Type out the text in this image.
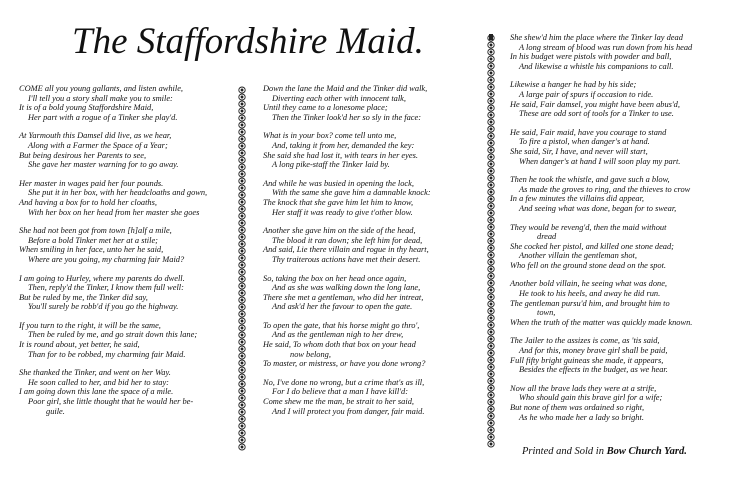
The Staffordshire Maid.
COME all you young gallants, and listen awhile,
I'll tell you a story shall make you to smile:
It is of a bold young Staffordshire Maid,
Her part with a rogue of a Tinker she play'd.
At Yarmouth this Damsel did live, as we hear,
Along with a Farmer the Space of a Year;
But being desirous her Parents to see,
She gave her master warning for to go away.
Her master in wages paid her four pounds.
She put it in her box, with her headcloaths and gown,
And having a box for to hold her cloaths,
With her box on her head from her master she goes
She had not been got from town [h]alf a mile,
Before a bold Tinker met her at a stile;
When smiling in her face, unto her he said,
Where are you going, my charming fair Maid?
I am going to Hurley, where my parents do dwell.
Then, reply'd the Tinker, I know them full well:
But be ruled by me, the Tinker did say,
You'll surely be robb'd if you go the highway.
If you turn to the right, it will be the same,
Then be ruled by me, and go strait down this lane;
It is round about, yet better, he said,
Than for to be robbed, my charming fair Maid.
She thanked the Tinker, and went on her Way.
He soon called to her, and bid her to stay:
I am going down this lane the space of a mile.
Poor girl, she little thought that he would her be-
guile.
Down the lane the Maid and the Tinker did walk,
Diverting each other with innocent talk,
Until they came to a lonesome place;
Then the Tinker look'd her so sly in the face:
What is in your box? come tell unto me,
And, taking it from her, demanded the key:
She said she had lost it, with tears in her eyes.
A long pike-staff the Tinker laid by.
And while he was busied in opening the lock,
With the same she gave him a damnable knock:
The knock that she gave him let him to know,
Her staff it was ready to give t'other blow.
Another she gave him on the side of the head,
The blood it ran down; she left him for dead,
And said, Lie there villain and rogue in thy heart,
Thy traiterous actions have met their desert.
So, taking the box on her head once again,
And as she was walking down the long lane,
There she met a gentleman, who did her intreat,
And ask'd her the favour to open the gate.
To open the gate, that his horse might go thro',
And as the gentleman nigh to her drew,
He said, To whom doth that box on your head
now belong,
To master, or mistress, or have you done wrong?
No, I've done no wrong, but a crime that's as ill,
For I do believe that a man I have kill'd:
Come shew me the man, be strait to her said,
And I will protect you from danger, fair maid.
She shew'd him the place where the Tinker lay dead
A long stream of blood was run down from his head
In his budget were pistols with powder and ball,
And likewise a whistle his companions to call.
Likewise a hanger he had by his side;
A large pair of spurs if occasion to ride.
He said, Fair damsel, you might have been abus'd,
These are odd sort of tools for a Tinker to use.
He said, Fair maid, have you courage to stand
To fire a pistol, when danger's at hand.
She said, Sir, I have, and never will start,
When danger's at hand I will soon play my part.
Then he took the whistle, and gave such a blow,
As made the groves to ring, and the thieves to crow
In a few minutes the villains did appear,
And seeing what was done, began for to swear,
They would be reveng'd, then the maid without
dread
She cocked her pistol, and killed one stone dead;
Another villain the gentleman shot,
Who fell on the ground stone dead on the spot.
Another bold villain, he seeing what was done,
He took to his heels, and away he did run.
The gentleman pursu'd him, and brought him to
town,
When the truth of the matter was quickly made known.
The Jailer to the assizes is come, as 'tis said,
And for this, money brave girl shall be paid,
Full fifty bright guineas she made, it appears,
Besides the effects in the budget, as we hear.
Now all the brave lads they were at a strife,
Who should gain this brave girl for a wife;
But none of them was ordained so right,
As he who made her a lady so bright.
Printed and Sold in Bow Church Yard.
